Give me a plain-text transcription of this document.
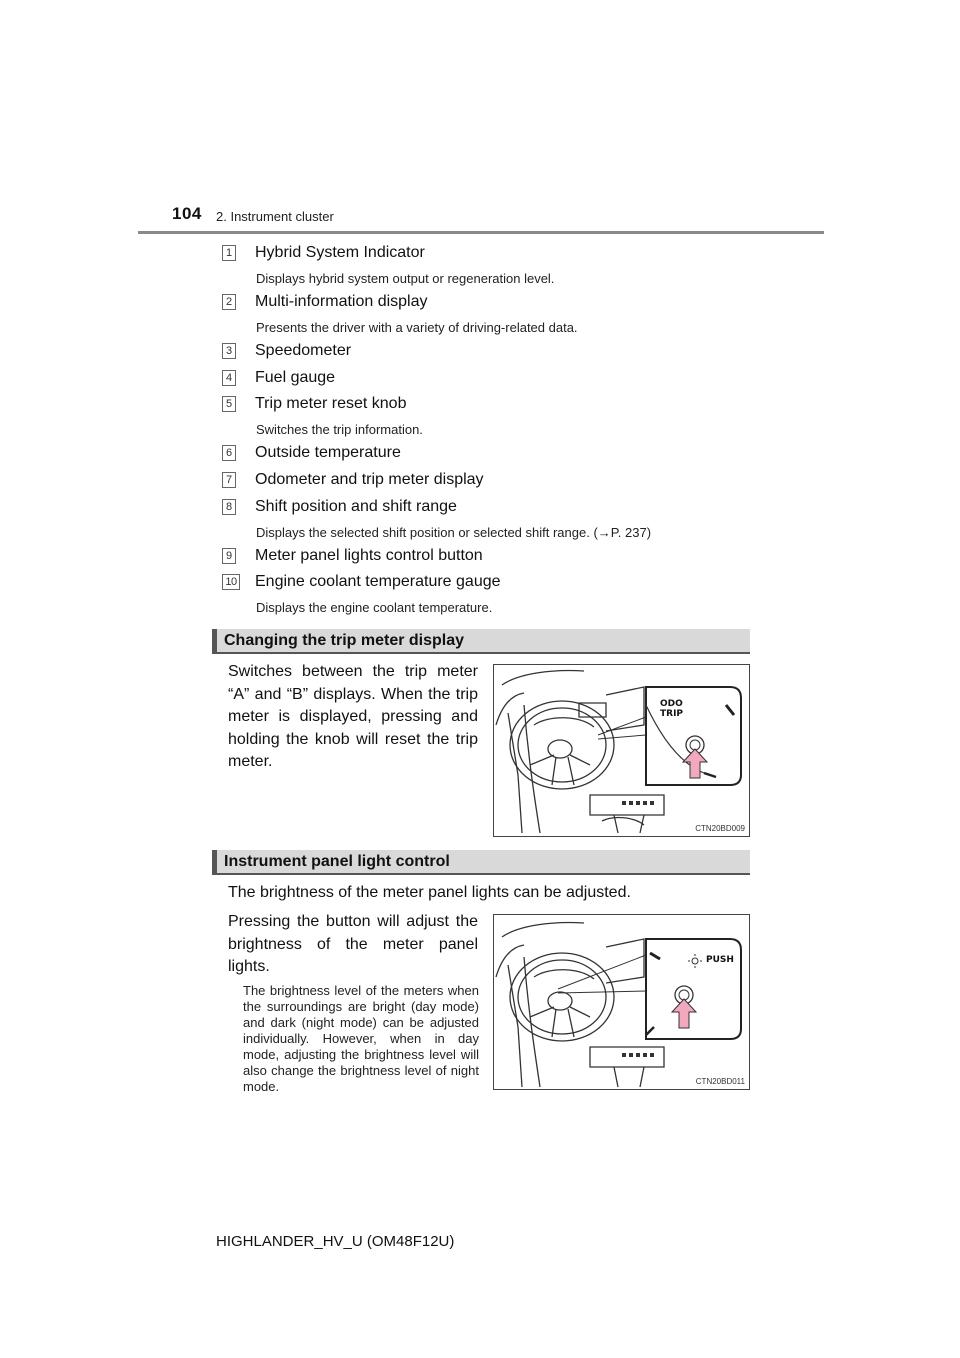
104 2. Instrument cluster
1 Hybrid System Indicator
Displays hybrid system output or regeneration level.
2 Multi-information display
Presents the driver with a variety of driving-related data.
3 Speedometer
4 Fuel gauge
5 Trip meter reset knob
Switches the trip information.
6 Outside temperature
7 Odometer and trip meter display
8 Shift position and shift range
Displays the selected shift position or selected shift range. (→P. 237)
9 Meter panel lights control button
10 Engine coolant temperature gauge
Displays the engine coolant temperature.
Changing the trip meter display
Switches between the trip meter “A” and “B” displays. When the trip meter is displayed, pressing and holding the knob will reset the trip meter.
ODO
TRIP
CTN20BD009
Instrument panel light control
The brightness of the meter panel lights can be adjusted.
Pressing the button will adjust the brightness of the meter panel lights.
The brightness level of the meters when the surroundings are bright (day mode) and dark (night mode) can be adjusted individually. However, when in day mode, adjusting the brightness level will also change the brightness level of night mode.
PUSH
CTN20BD011
HIGHLANDER_HV_U (OM48F12U)
